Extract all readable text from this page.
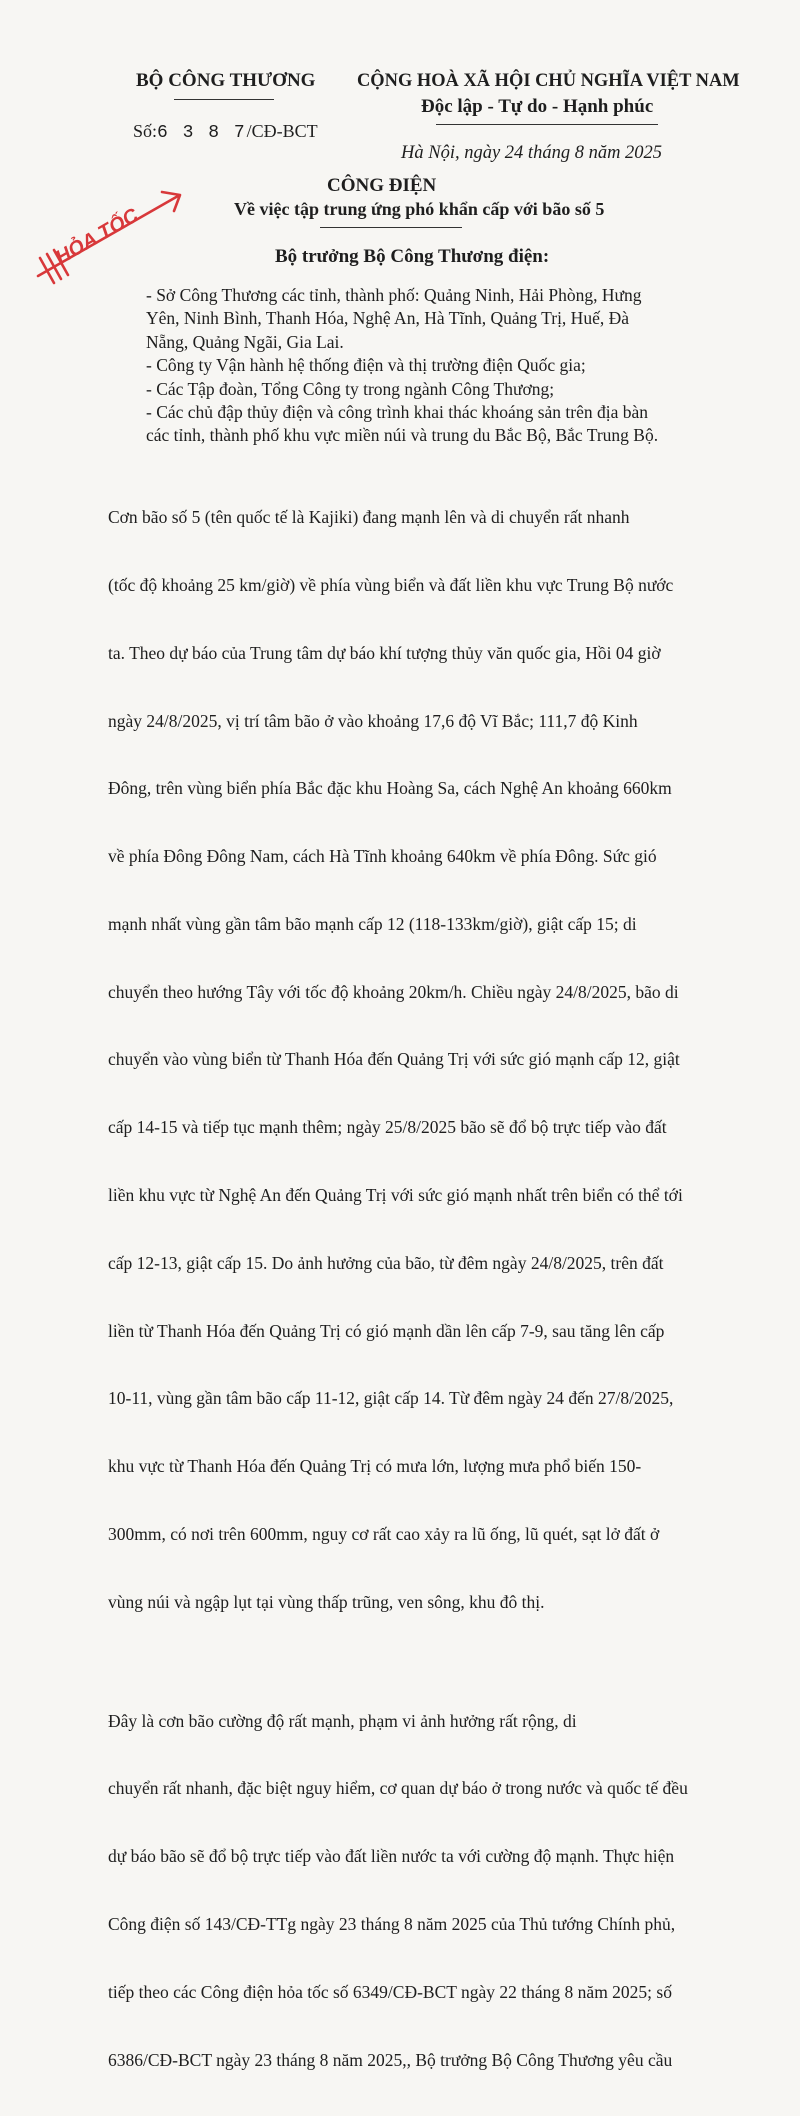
BỘ CÔNG THƯƠNG
Số:6 3 8 7/CĐ-BCT
CỘNG HOÀ XÃ HỘI CHỦ NGHĨA VIỆT NAM
Độc lập - Tự do - Hạnh phúc
Hà Nội, ngày 24 tháng 8 năm 2025
HỎA TỐC
CÔNG ĐIỆN
Về việc tập trung ứng phó khẩn cấp với bão số 5
Bộ trưởng Bộ Công Thương điện:
- Sở Công Thương các tỉnh, thành phố: Quảng Ninh, Hải Phòng, Hưng
Yên, Ninh Bình, Thanh Hóa, Nghệ An, Hà Tĩnh, Quảng Trị, Huế, Đà
Nẵng, Quảng Ngãi, Gia Lai.
- Công ty Vận hành hệ thống điện và thị trường điện Quốc gia;
- Các Tập đoàn, Tổng Công ty trong ngành Công Thương;
- Các chủ đập thủy điện và công trình khai thác khoáng sản trên địa bàn
các tỉnh, thành phố khu vực miền núi và trung du Bắc Bộ, Bắc Trung Bộ.

Cơn bão số 5 (tên quốc tế là Kajiki) đang mạnh lên và di chuyển rất nhanh

(tốc độ khoảng 25 km/giờ) về phía vùng biển và đất liền khu vực Trung Bộ nước

ta. Theo dự báo của Trung tâm dự báo khí tượng thủy văn quốc gia, Hồi 04 giờ

ngày 24/8/2025, vị trí tâm bão ở vào khoảng 17,6 độ Vĩ Bắc; 111,7 độ Kinh

Đông, trên vùng biển phía Bắc đặc khu Hoàng Sa, cách Nghệ An khoảng 660km

về phía Đông Đông Nam, cách Hà Tĩnh khoảng 640km về phía Đông. Sức gió

mạnh nhất vùng gần tâm bão mạnh cấp 12 (118-133km/giờ), giật cấp 15; di

chuyển theo hướng Tây với tốc độ khoảng 20km/h. Chiều ngày 24/8/2025, bão di

chuyển vào vùng biển từ Thanh Hóa đến Quảng Trị với sức gió mạnh cấp 12, giật

cấp 14-15 và tiếp tục mạnh thêm; ngày 25/8/2025 bão sẽ đổ bộ trực tiếp vào đất

liền khu vực từ Nghệ An đến Quảng Trị với sức gió mạnh nhất trên biển có thể tới

cấp 12-13, giật cấp 15. Do ảnh hưởng của bão, từ đêm ngày 24/8/2025, trên đất

liền từ Thanh Hóa đến Quảng Trị có gió mạnh dần lên cấp 7-9, sau tăng lên cấp

10-11, vùng gần tâm bão cấp 11-12, giật cấp 14. Từ đêm ngày 24 đến 27/8/2025,

khu vực từ Thanh Hóa đến Quảng Trị có mưa lớn, lượng mưa phổ biến 150-

300mm, có nơi trên 600mm, nguy cơ rất cao xảy ra lũ ống, lũ quét, sạt lở đất ở

vùng núi và ngập lụt tại vùng thấp trũng, ven sông, khu đô thị.

Đây là cơn bão cường độ rất mạnh, phạm vi ảnh hưởng rất rộng, di

chuyển rất nhanh, đặc biệt nguy hiểm, cơ quan dự báo ở trong nước và quốc tế đều

dự báo bão sẽ đổ bộ trực tiếp vào đất liền nước ta với cường độ mạnh. Thực hiện

Công điện số 143/CĐ-TTg ngày 23 tháng 8 năm 2025 của Thủ tướng Chính phủ,

tiếp theo các Công điện hỏa tốc số 6349/CĐ-BCT ngày 22 tháng 8 năm 2025; số

6386/CĐ-BCT ngày 23 tháng 8 năm 2025,, Bộ trưởng Bộ Công Thương yêu cầu
